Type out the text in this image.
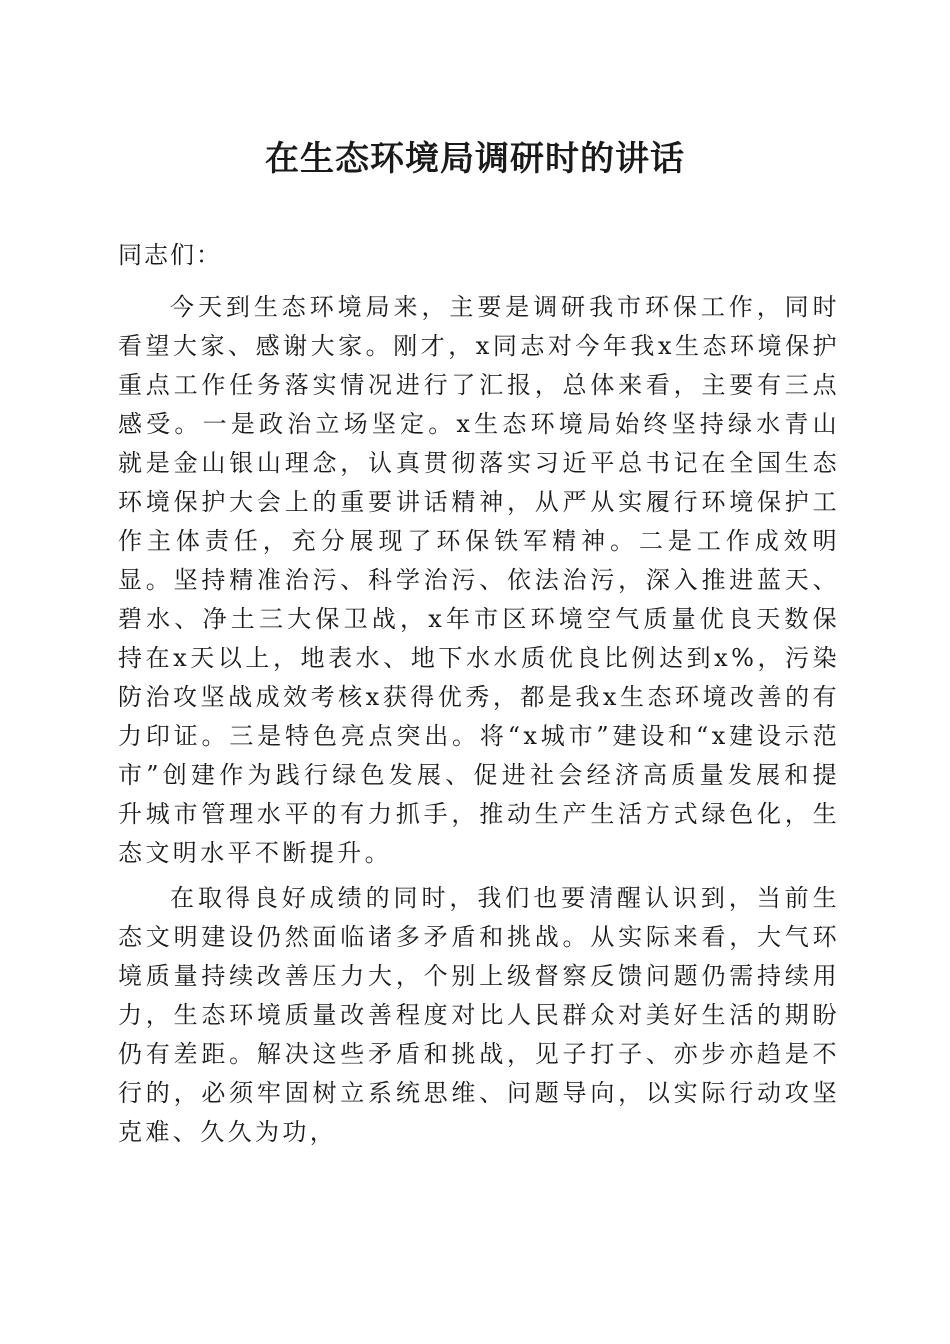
在生态环境局调研时的讲话

同志们：

今天到生态环境局来，主要是调研我市环保工作，同时看望大家、感谢大家。刚才，x同志对今年我x生态环境保护重点工作任务落实情况进行了汇报，总体来看，主要有三点感受。一是政治立场坚定。x生态环境局始终坚持绿水青山就是金山银山理念，认真贯彻落实习近平总书记在全国生态环境保护大会上的重要讲话精神，从严从实履行环境保护工作主体责任，充分展现了环保铁军精神。二是工作成效明显。坚持精准治污、科学治污、依法治污，深入推进蓝天、碧水、净土三大保卫战，x年市区环境空气质量优良天数保持在x天以上，地表水、地下水水质优良比例达到x%，污染防治攻坚战成效考核x获得优秀，都是我x生态环境改善的有力印证。三是特色亮点突出。将“x城市”建设和“x建设示范市”创建作为践行绿色发展、促进社会经济高质量发展和提升城市管理水平的有力抓手，推动生产生活方式绿色化，生态文明水平不断提升。

在取得良好成绩的同时，我们也要清醒认识到，当前生态文明建设仍然面临诸多矛盾和挑战。从实际来看，大气环境质量持续改善压力大，个别上级督察反馈问题仍需持续用力，生态环境质量改善程度对比人民群众对美好生活的期盼仍有差距。解决这些矛盾和挑战，见子打子、亦步亦趋是不行的，必须牢固树立系统思维、问题导向，以实际行动攻坚克难、久久为功，
